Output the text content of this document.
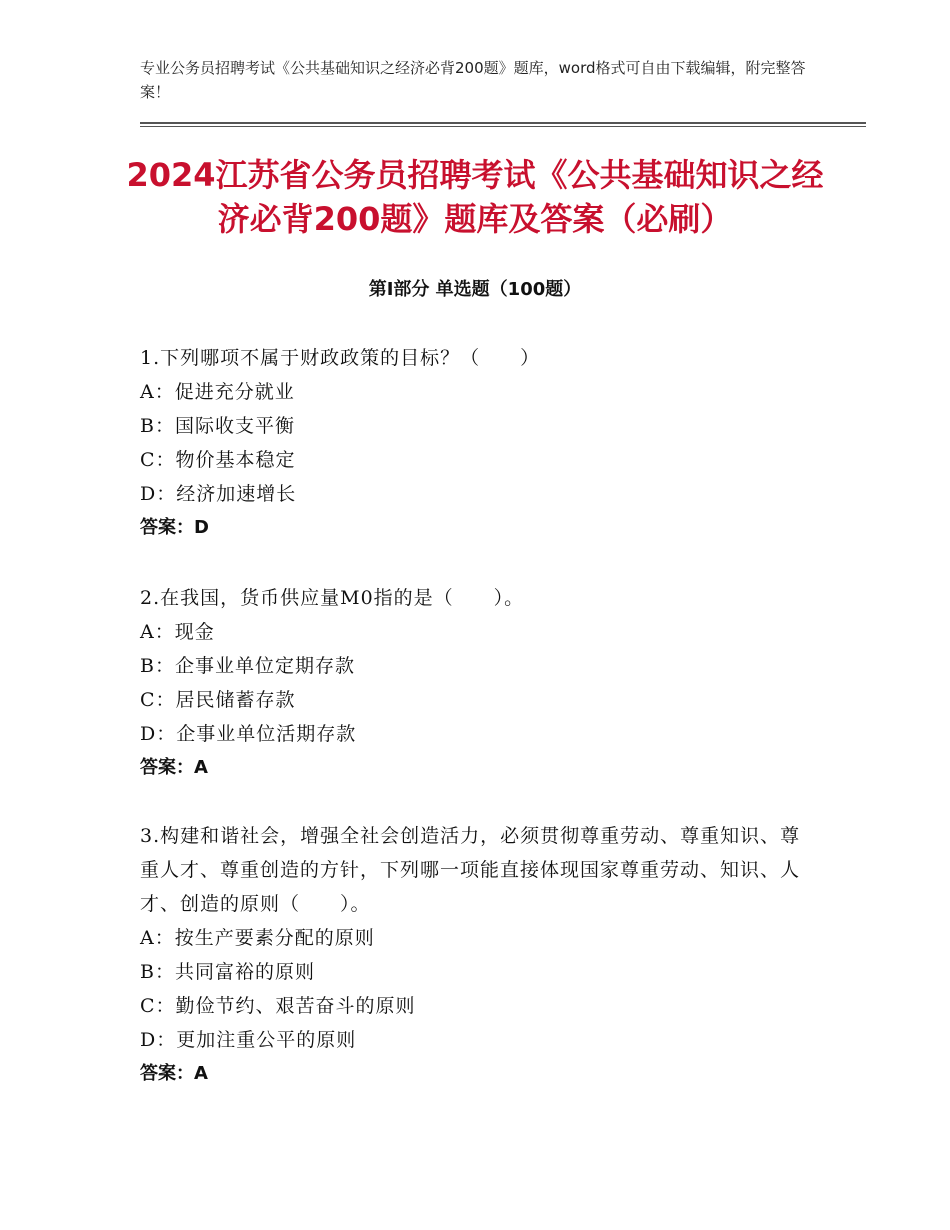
专业公务员招聘考试《公共基础知识之经济必背200题》题库，word格式可自由下载编辑，附完整答案！
2024江苏省公务员招聘考试《公共基础知识之经济必背200题》题库及答案（必刷）
第Ⅰ部分 单选题（100题）
1.下列哪项不属于财政政策的目标？（　　）
A：促进充分就业
B：国际收支平衡
C：物价基本稳定
D：经济加速增长
答案：D
2.在我国，货币供应量M0指的是（　　）。
A：现金
B：企事业单位定期存款
C：居民储蓄存款
D：企事业单位活期存款
答案：A
3.构建和谐社会，增强全社会创造活力，必须贯彻尊重劳动、尊重知识、尊重人才、尊重创造的方针，下列哪一项能直接体现国家尊重劳动、知识、人才、创造的原则（　　）。
A：按生产要素分配的原则
B：共同富裕的原则
C：勤俭节约、艰苦奋斗的原则
D：更加注重公平的原则
答案：A
